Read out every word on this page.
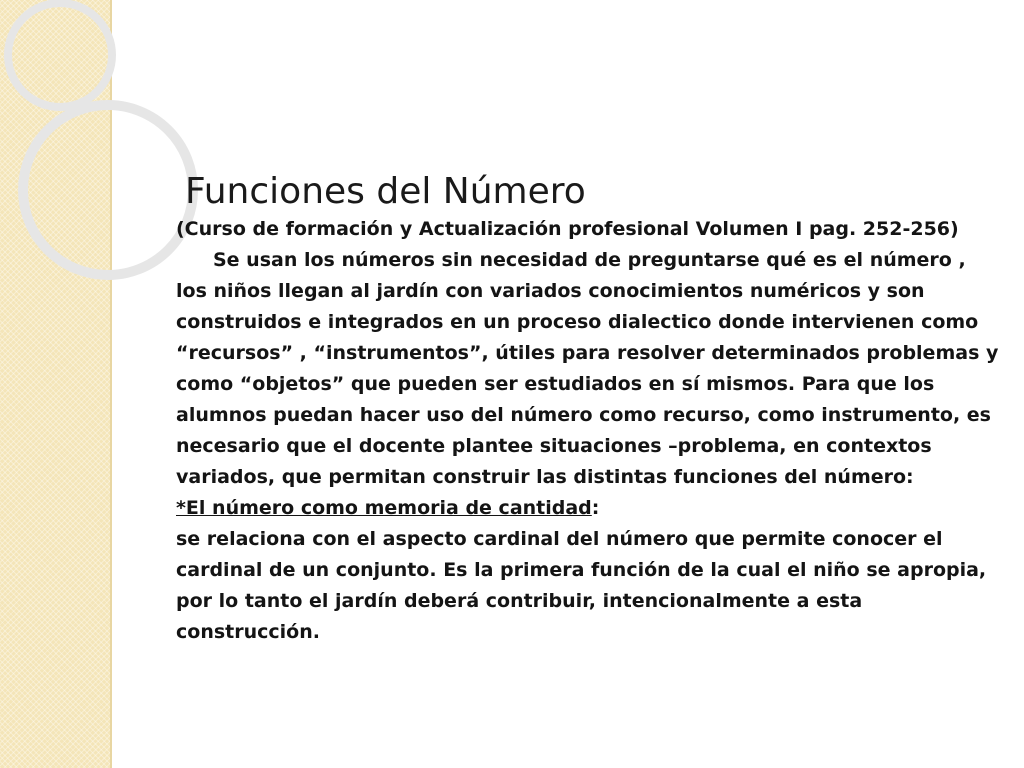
Funciones del Número

(Curso de formación y Actualización profesional Volumen I pag. 252-256)

Se usan los números sin necesidad de preguntarse qué es el número , los niños llegan al jardín con variados conocimientos numéricos y son construidos e integrados en un proceso dialectico donde intervienen como “recursos” , “instrumentos”, útiles para resolver determinados problemas y como “objetos” que pueden ser estudiados en sí mismos. Para que los alumnos puedan hacer uso del número como recurso, como instrumento, es necesario que el docente plantee situaciones –problema, en contextos variados, que permitan construir las distintas funciones del número:

*El número como memoria de cantidad:

se relaciona con el aspecto cardinal del número que permite conocer el cardinal de un conjunto. Es la primera función de la cual el niño se apropia, por lo tanto el jardín deberá contribuir, intencionalmente a esta construcción.
